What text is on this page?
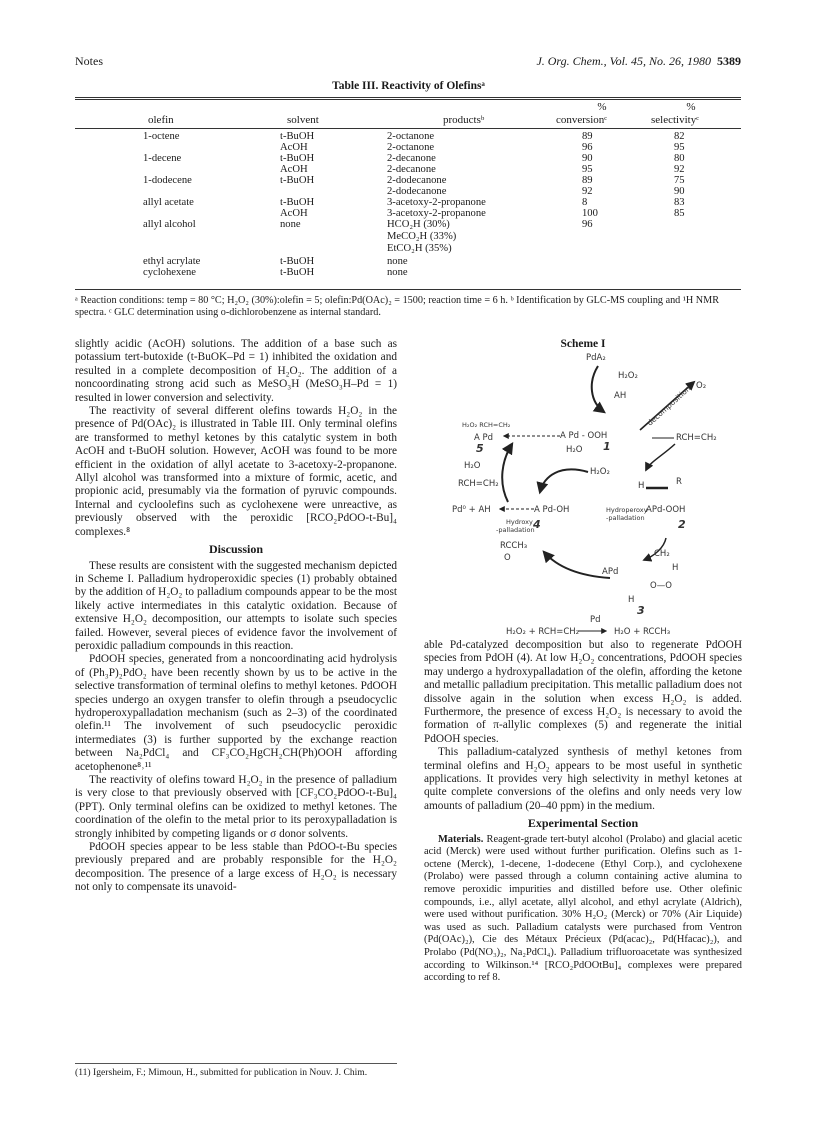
Notes	J. Org. Chem., Vol. 45, No. 26, 1980 5389
Table III. Reactivity of Olefinsᵃ
%	%
olefin	solvent	productsᵇ	conversionᶜ	selectivityᶜ
1-octene	t-BuOH	2-octanone	89	82
AcOH	2-octanone	96	95
1-decene	t-BuOH	2-decanone	90	80
AcOH	2-decanone	95	92
1-dodecene	t-BuOH	2-dodecanone	89	75
2-dodecanone	92	90
allyl acetate	t-BuOH	3-acetoxy-2-propanone	8	83
AcOH	3-acetoxy-2-propanone	100	85
allyl alcohol	none	HCO₂H (30%)	96
MeCO₂H (33%)
EtCO₂H (35%)
ethyl acrylate	t-BuOH	none
cyclohexene	t-BuOH	none
ᵃ Reaction conditions: temp = 80 °C; H₂O₂ (30%):olefin = 5; olefin:Pd(OAc)₂ = 1500; reaction time = 6 h. ᵇ Identification by GLC-MS coupling and ¹H NMR spectra. ᶜ GLC determination using o-dichlorobenzene as internal standard.

slightly acidic (AcOH) solutions. The addition of a base such as potassium tert-butoxide (t-BuOK–Pd = 1) inhibited the oxidation and resulted in a complete decomposition of H₂O₂. The addition of a noncoordinating strong acid such as MeSO₃H (MeSO₃H–Pd = 1) resulted in lower conversion and selectivity.

The reactivity of several different olefins towards H₂O₂ in the presence of Pd(OAc)₂ is illustrated in Table III. Only terminal olefins are transformed to methyl ketones by this catalytic system in both AcOH and t-BuOH solution. However, AcOH was found to be more efficient in the oxidation of allyl acetate to 3-acetoxy-2-propanone. Allyl alcohol was transformed into a mixture of formic, acetic, and propionic acid, presumably via the formation of pyruvic compounds. Internal and cycloolefins such as cyclohexene were unreactive, as previously observed with the peroxidic [RCO₂PdOO-t-Bu]₄ complexes.⁸

Discussion

These results are consistent with the suggested mechanism depicted in Scheme I. Palladium hydroperoxidic species (1) probably obtained by the addition of H₂O₂ to palladium compounds appear to be the most likely active intermediates in this catalytic oxidation. Because of extensive H₂O₂ decomposition, our attempts to isolate such species failed. However, several pieces of evidence favor the involvement of peroxidic palladium compounds in this reaction.

PdOOH species, generated from a noncoordinating acid hydrolysis of (Ph₃P)₂PdO₂ have been recently shown by us to be active in the selective transformation of terminal olefins to methyl ketones. PdOOH species undergo an oxygen transfer to olefin through a pseudocyclic hydroperoxypalladation mechanism (such as 2–3) of the coordinated olefin.¹¹ The involvement of such pseudocyclic peroxidic intermediates (3) is further supported by the exchange reaction between Na₂PdCl₄ and CF₃CO₂HgCH₂CH(Ph)OOH affording acetophenone⁸˒¹¹

The reactivity of olefins toward H₂O₂ in the presence of palladium is very close to that previously observed with [CF₃CO₂PdOO-t-Bu]₄ (PPT). Only terminal olefins can be oxidized to methyl ketones. The coordination of the olefin to the metal prior to its peroxypalladation is strongly inhibited by competing ligands or σ donor solvents.

PdOOH species appear to be less stable than PdOO-t-Bu species previously prepared and are probably responsible for the H₂O₂ decomposition. The presence of a large excess of H₂O₂ is necessary not only to compensate its unavoid-

(11) Igersheim, F.; Mimoun, H., submitted for publication in Nouv. J. Chim.
Scheme I
PdA₂
H₂O₂
AH
O₂
decomposition
H₂O₂ RCH=CH₂
A Pd
5
A Pd - OOH
1
H₂O
RCH=CH₂
H₂O
RCH=CH₂
H₂O₂
Pd⁰ + AH	A Pd-OH
Hydroxy
-palladation
4
Hydroperoxy
-palladation
H	R
APd-OOH
2
RCCH₃
O	CH₂
APd
O—O
H
H
3
Pd
H₂O₂ + RCH=CH₂	H₂O + RCCH₃

able Pd-catalyzed decomposition but also to regenerate PdOOH species from PdOH (4). At low H₂O₂ concentrations, PdOOH species may undergo a hydroxypalladation of the olefin, affording the ketone and metallic palladium precipitation. This metallic palladium does not dissolve again in the solution when excess H₂O₂ is added. Furthermore, the presence of excess H₂O₂ is necessary to avoid the formation of π-allylic complexes (5) and regenerate the initial PdOOH species.

This palladium-catalyzed synthesis of methyl ketones from terminal olefins and H₂O₂ appears to be most useful in synthetic applications. It provides very high selectivity in methyl ketones at quite complete conversions of the olefins and only needs very low amounts of palladium (20–40 ppm) in the medium.

Experimental Section

Materials. Reagent-grade tert-butyl alcohol (Prolabo) and glacial acetic acid (Merck) were used without further purification. Olefins such as 1-octene (Merck), 1-decene, 1-dodecene (Ethyl Corp.), and cyclohexene (Prolabo) were passed through a column containing active alumina to remove peroxidic impurities and distilled before use. Other olefinic compounds, i.e., allyl acetate, allyl alcohol, and ethyl acrylate (Aldrich), were used without purification. 30% H₂O₂ (Merck) or 70% (Air Liquide) was used as such. Palladium catalysts were purchased from Ventron (Pd(OAc)₂), Cie des Métaux Précieux (Pd(acac)₂, Pd(Hfacac)₂), and Prolabo (Pd(NO₃)₂, Na₂PdCl₄). Palladium trifluoroacetate was synthesized according to Wilkinson.¹⁴ [RCO₂PdOOtBu]₄ complexes were prepared according to ref 8.
